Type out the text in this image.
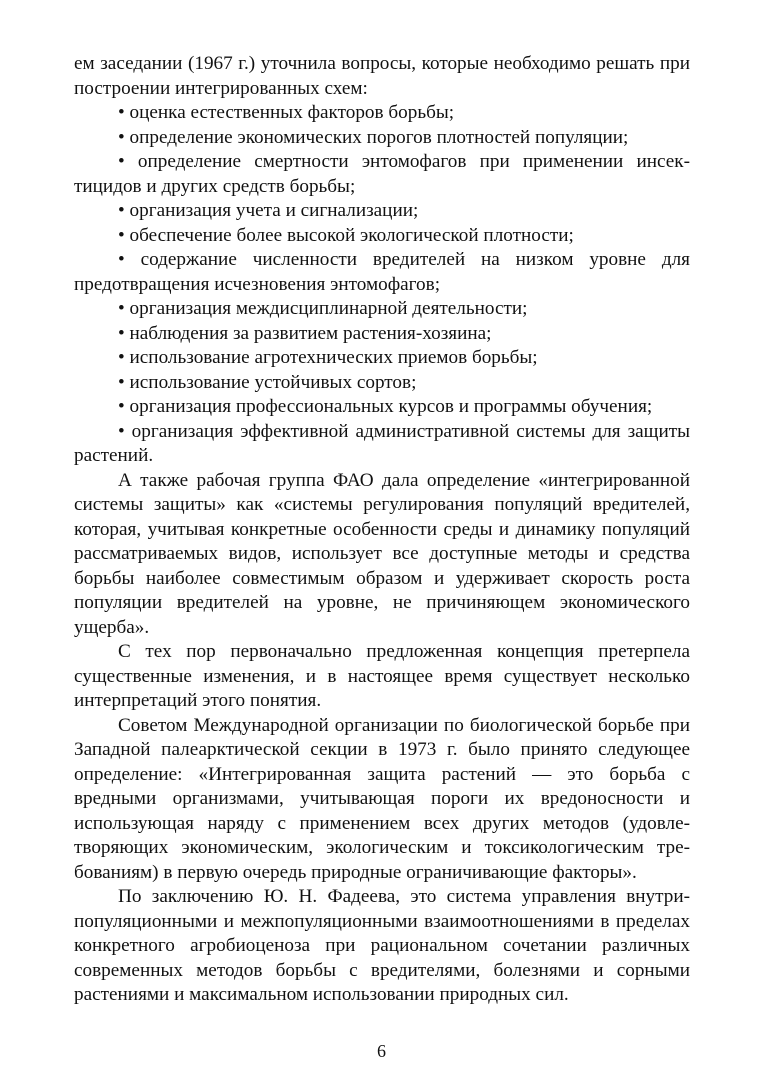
ем заседании (1967 г.) уточнила вопросы, которые необходимо решать при построении интегрированных схем:

• оценка естественных факторов борьбы;

• определение экономических порогов плотностей популяции;

• определение смертности энтомофагов при применении инсектицидов и других средств борьбы;

• организация учета и сигнализации;

• обеспечение более высокой экологической плотности;

• содержание численности вредителей на низком уровне для предотвращения исчезновения энтомофагов;

• организация междисциплинарной деятельности;

• наблюдения за развитием растения-хозяина;

• использование агротехнических приемов борьбы;

• использование устойчивых сортов;

• организация профессиональных курсов и программы обучения;

• организация эффективной административной системы для защиты растений.

А также рабочая группа ФАО дала определение «интегрированной системы защиты» как «системы регулирования популяций вредителей, которая, учитывая конкретные особенности среды и динамику популяций рассматриваемых видов, использует все доступные методы и средства борьбы наиболее совместимым образом и удерживает скорость роста популяции вредителей на уровне, не причиняющем экономического ущерба».

С тех пор первоначально предложенная концепция претерпела существенные изменения, и в настоящее время существует несколько интерпретаций этого понятия.

Советом Международной организации по биологической борьбе при Западной палеарктической секции в 1973 г. было принято следующее определение: «Интегрированная защита растений — это борьба с вредными организмами, учитывающая пороги их вредоносности и использующая наряду с применением всех других методов (удовлетворяющих экономическим, экологическим и токсикологическим требованиям) в первую очередь природные ограничивающие факторы».

По заключению Ю. Н. Фадеева, это система управления внутрипопуляционными и межпопуляционными взаимоотношениями в пределах конкретного агробиоценоза при рациональном сочетании различных современных методов борьбы с вредителями, болезнями и сорными растениями и максимальном использовании природных сил.

6
